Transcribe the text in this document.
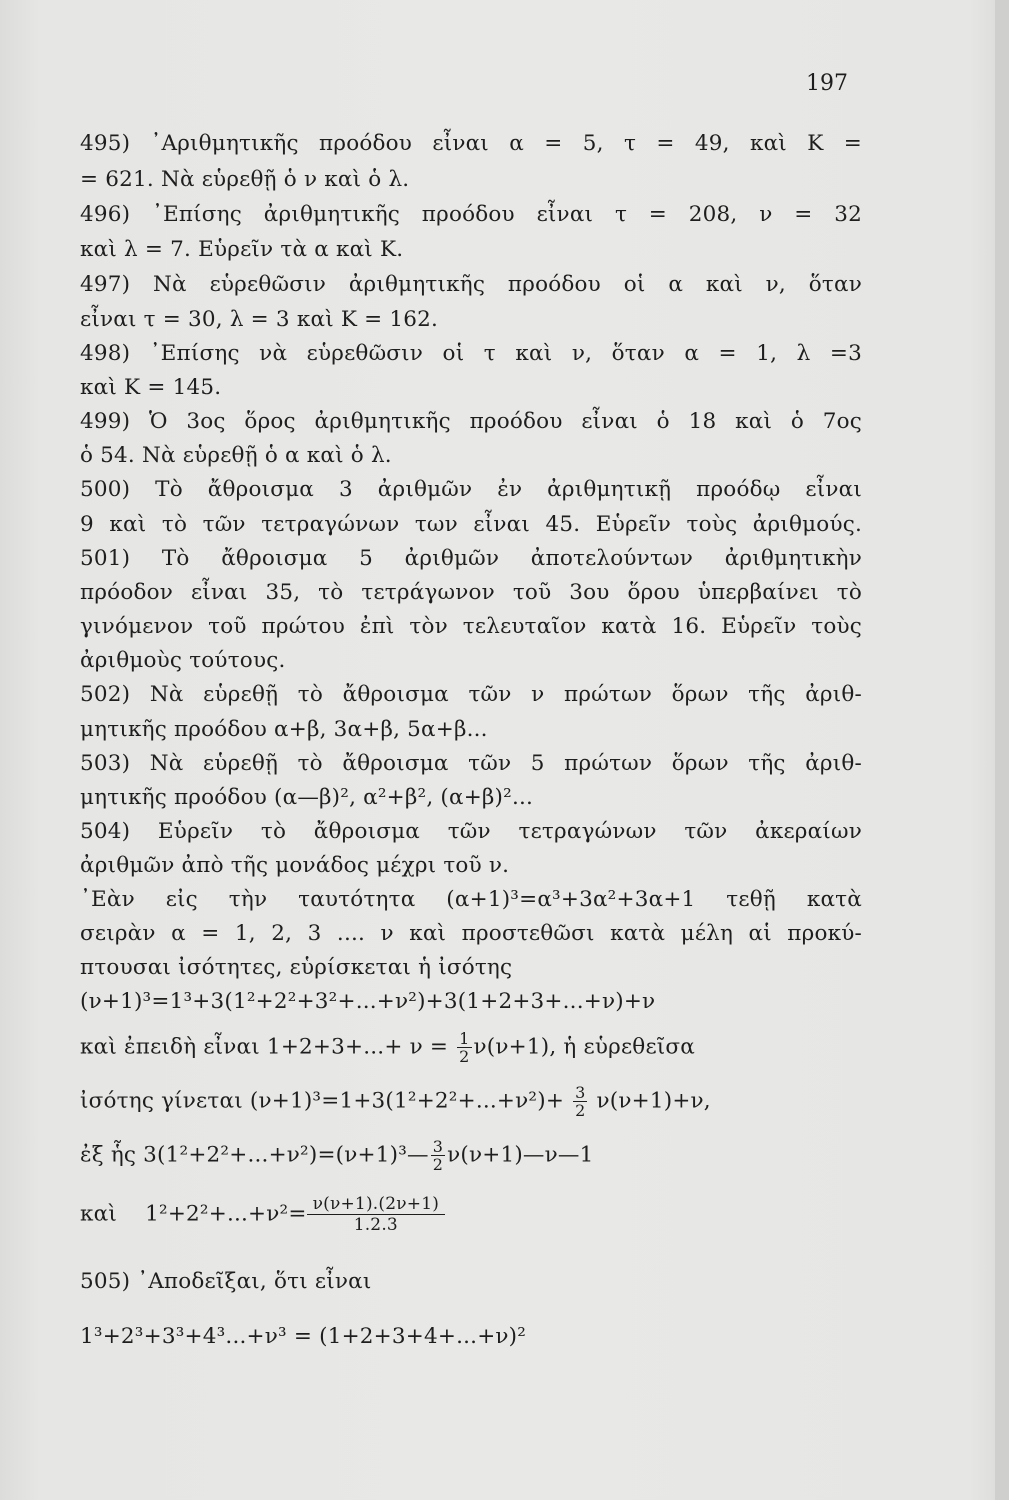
197

495) ᾿Αριθμητικῆς προόδου εἶναι α = 5, τ = 49, καὶ Κ =

= 621. Νὰ εὑρεθῇ ὁ ν καὶ ὁ λ.

496) ᾿Επίσης ἀριθμητικῆς προόδου εἶναι τ = 208, ν = 32

καὶ λ = 7. Εὑρεῖν τὰ α καὶ Κ.

497) Νὰ εὑρεθῶσιν ἀριθμητικῆς προόδου οἱ α καὶ ν, ὅταν

εἶναι τ = 30, λ = 3 καὶ Κ = 162.

498) ᾿Επίσης νὰ εὑρεθῶσιν οἱ τ καὶ ν, ὅταν α = 1, λ =3

καὶ Κ = 145.

499) Ὁ 3ος ὅρος ἀριθμητικῆς προόδου εἶναι ὁ 18 καὶ ὁ 7ος

ὁ 54. Νὰ εὑρεθῇ ὁ α καὶ ὁ λ.

500) Τὸ ἄθροισμα 3 ἀριθμῶν ἐν ἀριθμητικῇ προόδῳ εἶναι

9 καὶ τὸ τῶν τετραγώνων των εἶναι 45. Εὑρεῖν τοὺς ἀριθμούς.

501) Τὸ ἄθροισμα 5 ἀριθμῶν ἀποτελούντων ἀριθμητικὴν

πρόοδον εἶναι 35, τὸ τετράγωνον τοῦ 3ου ὅρου ὑπερβαίνει τὸ

γινόμενον τοῦ πρώτου ἐπὶ τὸν τελευταῖον κατὰ 16. Εὑρεῖν τοὺς

ἀριθμοὺς τούτους.

502) Νὰ εὑρεθῇ τὸ ἄθροισμα τῶν ν πρώτων ὅρων τῆς ἀριθ-

μητικῆς προόδου α+β, 3α+β, 5α+β...

503) Νὰ εὑρεθῇ τὸ ἄθροισμα τῶν 5 πρώτων ὅρων τῆς ἀριθ-

μητικῆς προόδου (α—β)², α²+β², (α+β)²...

504) Εὑρεῖν τὸ ἄθροισμα τῶν τετραγώνων τῶν ἀκεραίων

ἀριθμῶν ἀπὸ τῆς μονάδος μέχρι τοῦ ν.

᾿Εὰν εἰς τὴν ταυτότητα (α+1)³=α³+3α²+3α+1 τεθῇ κατὰ

σειρὰν α = 1, 2, 3 .... ν καὶ προστεθῶσι κατὰ μέλη αἱ προκύ-

πτουσαι ἰσότητες, εὑρίσκεται ἡ ἰσότης

(ν+1)³=1³+3(1²+2²+3²+...+ν²)+3(1+2+3+...+ν)+ν

καὶ ἐπειδὴ εἶναι $1+2+3+...+ \nu = \frac{1}{2} \nu(\nu+1)$, ἡ εὑρεθεῖσα

ἰσότης γίνεται $(\nu+1)^3=1+3(1^2+2^2+...+\nu^2)+ \frac{3}{2} \nu(\nu+1)+\nu$,

ἐξ ἧς 3(1²+2²+...+ν²)=(ν+1)³— $\frac{3}{2}$ ν(ν+1)—ν—1

καὶ    $1^2+2^2+...+\nu^2= \frac{\nu(\nu+1).(2\nu+1)}{1.2.3}$

505) ᾿Αποδεῖξαι, ὅτι εἶναι

1³+2³+3³+4³...+ν³ = (1+2+3+4+...+ν)²
